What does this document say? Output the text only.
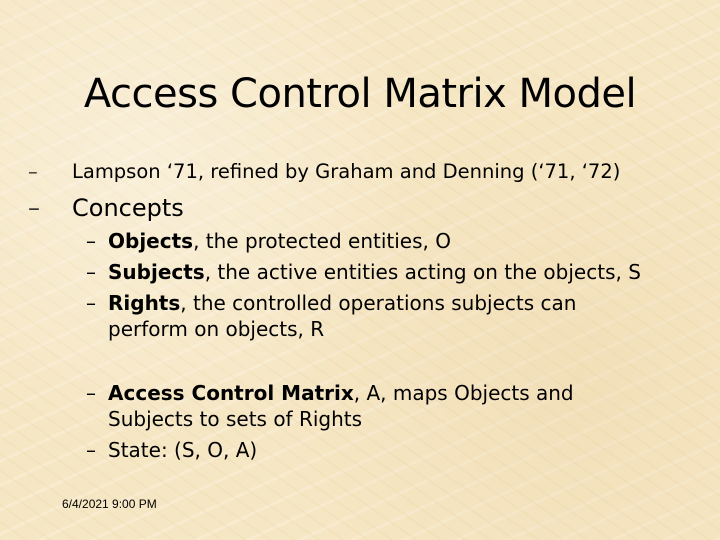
Access Control Matrix Model
– Lampson ‘71, refined by Graham and Denning (‘71, ‘72)
– Concepts
– Objects, the protected entities, O
– Subjects, the active entities acting on the objects, S
– Rights, the controlled operations subjects can
perform on objects, R
– Access Control Matrix, A, maps Objects and
Subjects to sets of Rights
– State: (S, O, A)
6/4/2021 9:00 PM
